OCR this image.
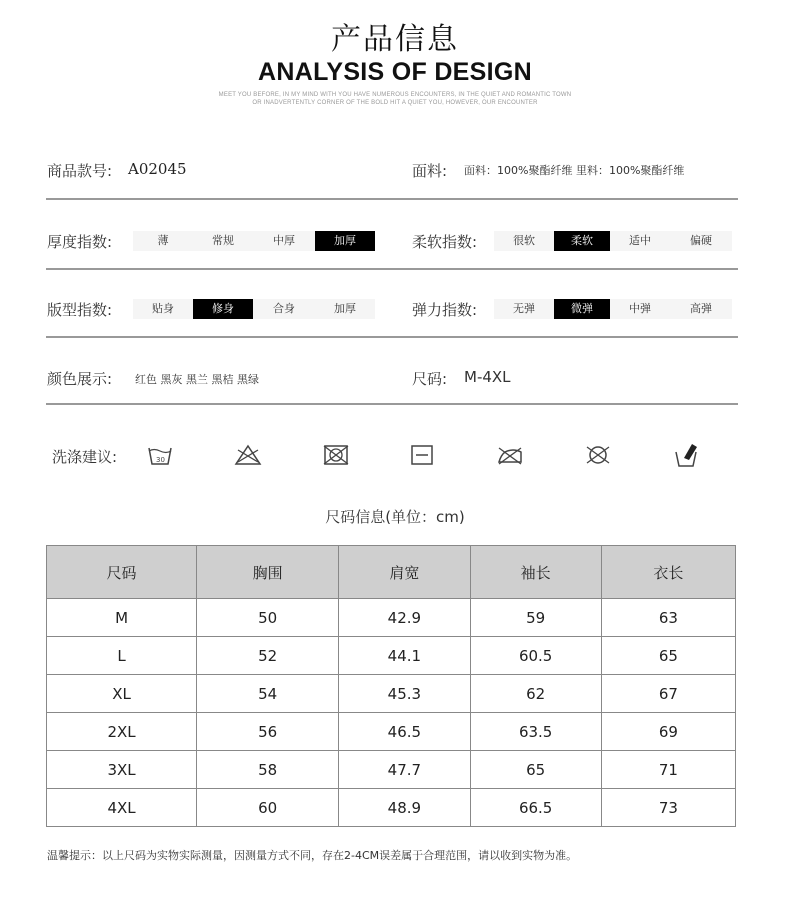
产品信息
ANALYSIS OF DESIGN
MEET YOU BEFORE, IN MY MIND WITH YOU HAVE NUMEROUS ENCOUNTERS, IN THE QUIET AND ROMANTIC TOWN
OR INADVERTENTLY CORNER OF THE BOLD HIT A QUIET YOU, HOWEVER, OUR ENCOUNTER
商品款号: A02045	面料: 面料：100%聚酯纤维 里料：100%聚酯纤维
厚度指数:	薄	常规	中厚	加厚	柔软指数:	很软	柔软	适中	偏硬
版型指数:	贴身	修身	合身	加厚	弹力指数:	无弹	微弹	中弹	高弹
颜色展示: 红色 黑灰 黑兰 黑桔 黑绿	尺码: M-4XL
洗涤建议:	30
尺码信息(单位：cm)
尺码	胸围	肩宽	袖长	衣长
M	50	42.9	59	63
L	52	44.1	60.5	65
XL	54	45.3	62	67
2XL	56	46.5	63.5	69
3XL	58	47.7	65	71
4XL	60	48.9	66.5	73
温馨提示：以上尺码为实物实际测量，因测量方式不同，存在2-4CM误差属于合理范围，请以收到实物为准。
